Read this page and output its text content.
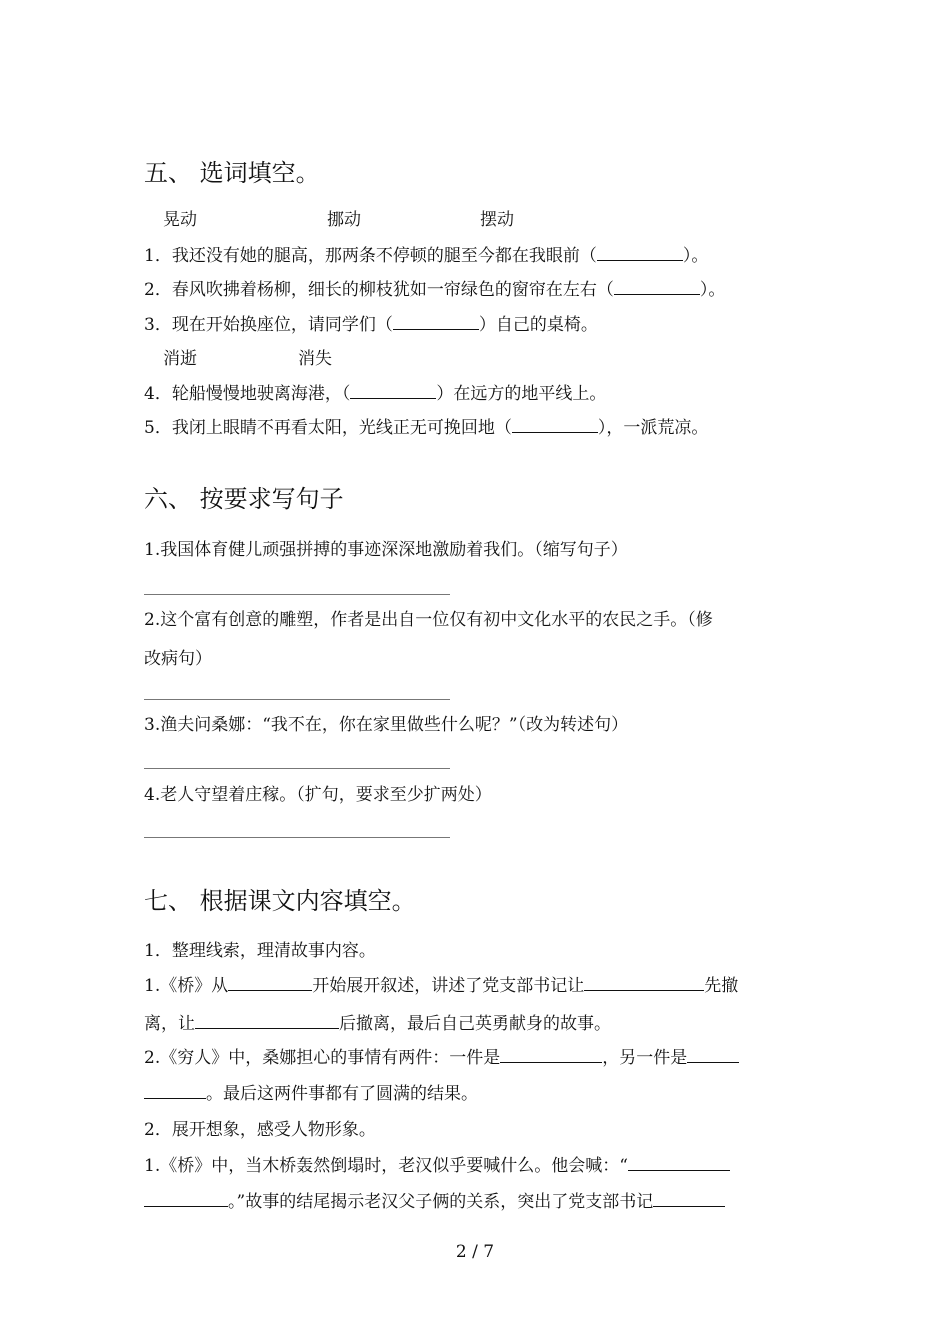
五、 选词填空。
晃动	挪动	摆动
1．我还没有她的腿高，那两条不停顿的腿至今都在我眼前（	）。
2．春风吹拂着杨柳，细长的柳枝犹如一帘绿色的窗帘在左右（	）。
3．现在开始换座位，请同学们（	）自己的桌椅。
消逝	消失
4．轮船慢慢地驶离海港，（	）在远方的地平线上。
5．我闭上眼睛不再看太阳，光线正无可挽回地（	），一派荒凉。
六、 按要求写句子
1.我国体育健儿顽强拼搏的事迹深深地激励着我们。（缩写句子）
2.这个富有创意的雕塑，作者是出自一位仅有初中文化水平的农民之手。（修
改病句）
3.渔夫问桑娜：“我不在，你在家里做些什么呢？”（改为转述句）
4.老人守望着庄稼。（扩句，要求至少扩两处）
七、 根据课文内容填空。
1．整理线索，理清故事内容。
1.《桥》从	开始展开叙述，讲述了党支部书记让	先撤
离，让	后撤离，最后自己英勇献身的故事。
2.《穷人》中，桑娜担心的事情有两件：一件是	，另一件是
。最后这两件事都有了圆满的结果。
2．展开想象，感受人物形象。
1.《桥》中，当木桥轰然倒塌时，老汉似乎要喊什么。他会喊：“
。”故事的结尾揭示老汉父子俩的关系，突出了党支部书记
2 / 7
